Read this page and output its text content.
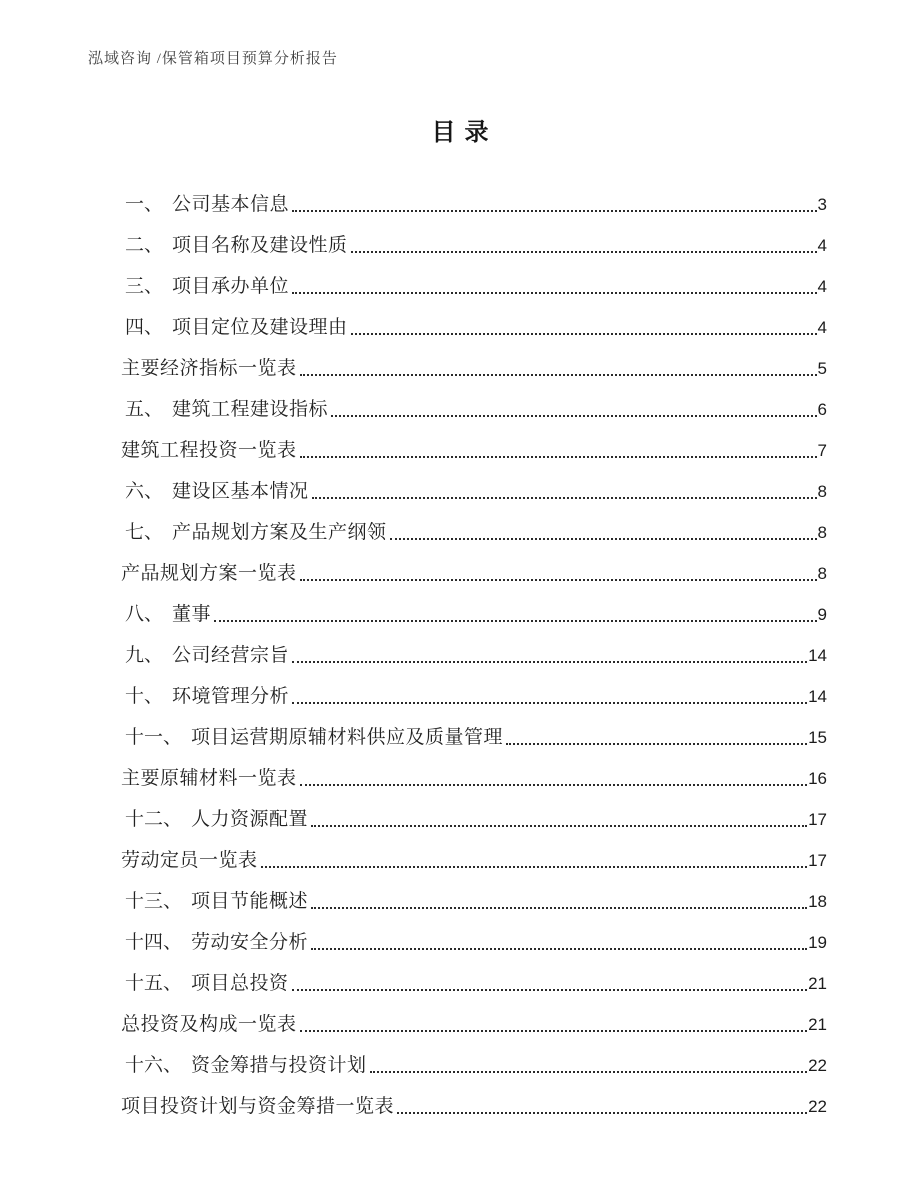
泓域咨询 /保管箱项目预算分析报告
目录
一、 公司基本信息	3
二、 项目名称及建设性质	4
三、 项目承办单位	4
四、 项目定位及建设理由	4
主要经济指标一览表	5
五、 建筑工程建设指标	6
建筑工程投资一览表	7
六、 建设区基本情况	8
七、 产品规划方案及生产纲领	8
产品规划方案一览表	8
八、 董事	9
九、 公司经营宗旨	14
十、 环境管理分析	14
十一、 项目运营期原辅材料供应及质量管理	15
主要原辅材料一览表	16
十二、 人力资源配置	17
劳动定员一览表	17
十三、 项目节能概述	18
十四、 劳动安全分析	19
十五、 项目总投资	21
总投资及构成一览表	21
十六、 资金筹措与投资计划	22
项目投资计划与资金筹措一览表	22
